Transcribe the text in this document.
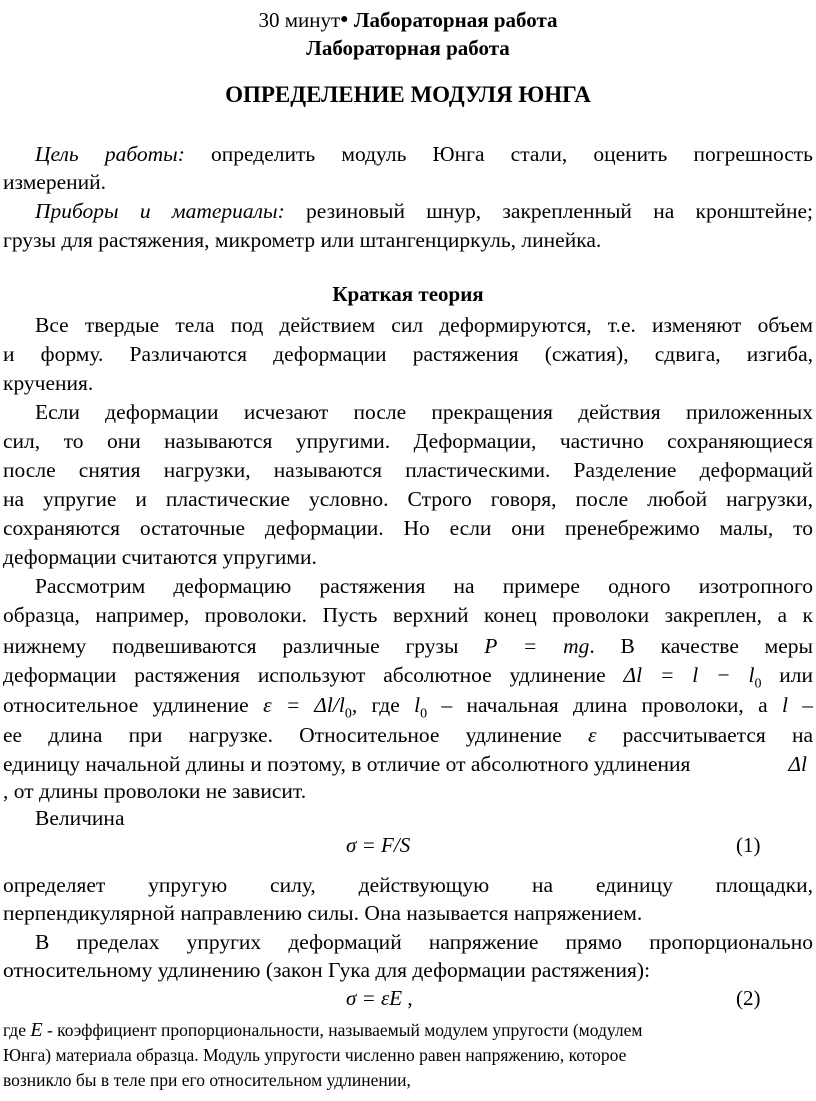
30 минут● Лабораторная работа
Лабораторная работа
ОПРЕДЕЛЕНИЕ МОДУЛЯ ЮНГА
Цель работы: определить модуль Юнга стали, оценить погрешность
измерений.
Приборы и материалы: резиновый шнур, закрепленный на кронштейне;
грузы для растяжения, микрометр или штангенциркуль, линейка.
Краткая теория
Все твердые тела под действием сил деформируются, т.е. изменяют объем
и форму. Различаются деформации растяжения (сжатия), сдвига, изгиба,
кручения.
Если деформации исчезают после прекращения действия приложенных
сил, то они называются упругими. Деформации, частично сохраняющиеся
после снятия нагрузки, называются пластическими. Разделение деформаций
на упругие и пластические условно. Строго говоря, после любой нагрузки,
сохраняются остаточные деформации. Но если они пренебрежимо малы, то
деформации считаются упругими.
Рассмотрим деформацию растяжения на примере одного изотропного
образца, например, проволоки. Пусть верхний конец проволоки закреплен, а к
нижнему подвешиваются различные грузы P = mg. В качестве меры
деформации растяжения используют абсолютное удлинение $\Delta l = l - l_0$ или
относительное удлинение $\varepsilon = \Delta l/l_0$, где $l_0$ – начальная длина проволоки, а l –
ее длина при нагрузке. Относительное удлинение ε рассчитывается на
единицу начальной длины и поэтому, в отличие от абсолютного удлинения	Δl
, от длины проволоки не зависит.
Величина
σ = F/S	(1)
определяет упругую силу, действующую на единицу площадки,
перпендикулярной направлению силы. Она называется напряжением.
В пределах упругих деформаций напряжение прямо пропорционально
относительному удлинению (закон Гука для деформации растяжения):
σ = εE ,	(2)
где E - коэффициент пропорциональности, называемый модулем упругости (модулем
Юнга) материала образца. Модуль упругости численно равен напряжению, которое
возникло бы в теле при его относительном удлинении,
